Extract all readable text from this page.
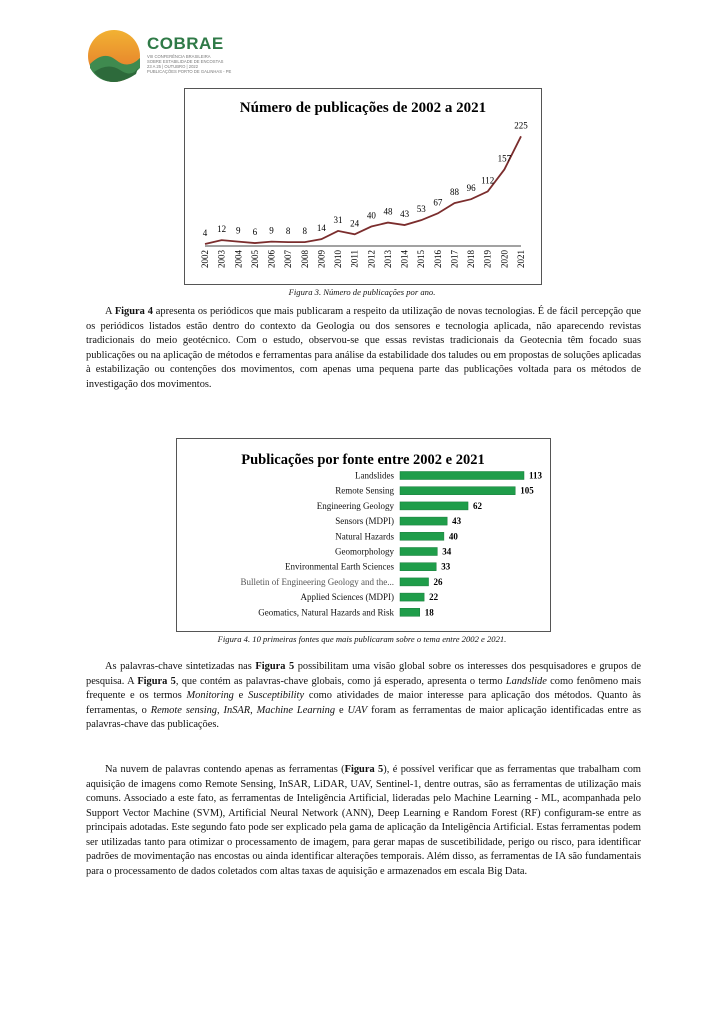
COBRAE
VIII CONFERÊNCIA BRASILEIRA
SOBRE ESTABILIDADE DE ENCOSTAS
23 A 25 | OUTUBRO | 2022
PUBLICAÇÕES PORTO DE GALINHAS - PE
Número de publicações de 2002 a 2021
4 12 9 6 9 8 8 14
31 24
40 48 43 53
67
88 96
112
157
225
2002 2003 2004 2005 2006 2007 2008 2009 2010 2011 2012 2013 2014 2015 2016 2017 2018 2019 2020 2021
Figura 3. Número de publicações por ano.

A Figura 4 apresenta os periódicos que mais publicaram a respeito da utilização de novas tecnologias. É de fácil percepção que os periódicos listados estão dentro do contexto da Geologia ou dos sensores e tecnologia aplicada, não aparecendo revistas tradicionais do meio geotécnico. Com o estudo, observou-se que essas revistas tradicionais da Geotecnia têm focado suas publicações ou na aplicação de métodos e ferramentas para análise da estabilidade dos taludes ou em propostas de soluções aplicadas à estabilização ou contenções dos movimentos, com apenas uma pequena parte das publicações voltada para os métodos de investigação dos movimentos.

Publicações por fonte entre 2002 e 2021
Landslides	113
Remote Sensing	105
Engineering Geology	62
Sensors (MDPI)	43
Natural Hazards	40
Geomorphology	34
Environmental Earth Sciences	33
Bulletin of Engineering Geology and the...	26
Applied Sciences (MDPI)	22
Geomatics, Natural Hazards and Risk	18
Figura 4. 10 primeiras fontes que mais publicaram sobre o tema entre 2002 e 2021.

As palavras-chave sintetizadas nas Figura 5 possibilitam uma visão global sobre os interesses dos pesquisadores e grupos de pesquisa. A Figura 5, que contém as palavras-chave globais, como já esperado, apresenta o termo Landslide como fenômeno mais frequente e os termos Monitoring e Susceptibility como atividades de maior interesse para aplicação dos métodos. Quanto às ferramentas, o Remote sensing, InSAR, Machine Learning e UAV foram as ferramentas de maior aplicação identificadas entre as palavras-chave das publicações.

Na nuvem de palavras contendo apenas as ferramentas (Figura 5), é possível verificar que as ferramentas que trabalham com aquisição de imagens como Remote Sensing, InSAR, LiDAR, UAV, Sentinel-1, dentre outras, são as ferramentas de utilização mais comuns. Associado a este fato, as ferramentas de Inteligência Artificial, lideradas pelo Machine Learning - ML, acompanhada pelo Support Vector Machine (SVM), Artificial Neural Network (ANN), Deep Learning e Random Forest (RF) configuram-se entre as principais adotadas. Este segundo fato pode ser explicado pela gama de aplicação da Inteligência Artificial. Estas ferramentas podem ser utilizadas tanto para otimizar o processamento de imagem, para gerar mapas de suscetibilidade, perigo ou risco, para identificar padrões de movimentação nas encostas ou ainda identificar alterações temporais. Além disso, as ferramentas de IA são fundamentais para o processamento de dados coletados com altas taxas de aquisição e armazenados em escala Big Data.
